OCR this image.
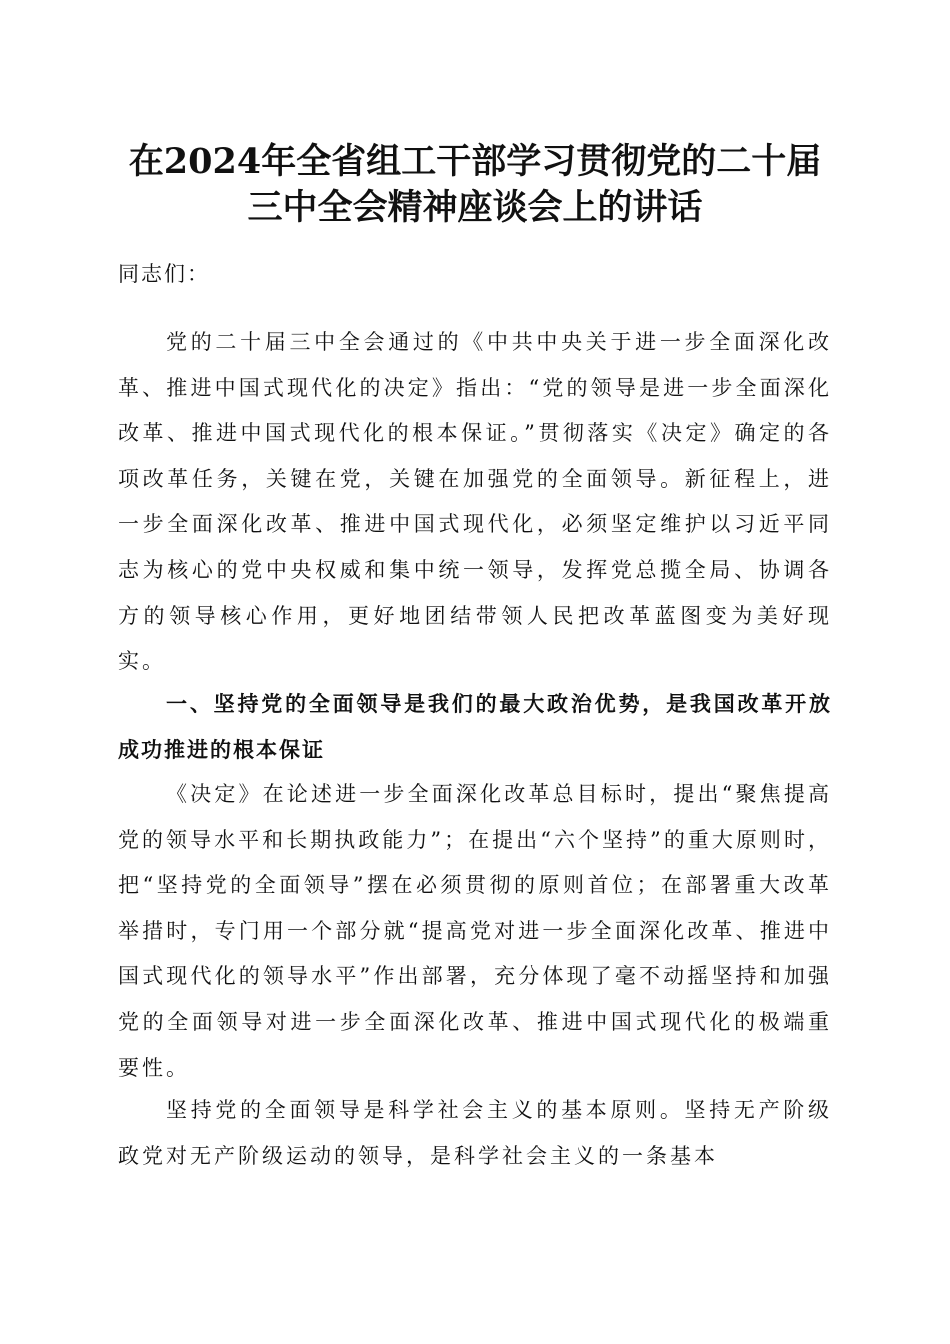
在2024年全省组工干部学习贯彻党的二十届
三中全会精神座谈会上的讲话

同志们：

党的二十届三中全会通过的《中共中央关于进一步全面深化改革、推进中国式现代化的决定》指出：“党的领导是进一步全面深化改革、推进中国式现代化的根本保证。”贯彻落实《决定》确定的各项改革任务，关键在党，关键在加强党的全面领导。新征程上，进一步全面深化改革、推进中国式现代化，必须坚定维护以习近平同志为核心的党中央权威和集中统一领导，发挥党总揽全局、协调各方的领导核心作用，更好地团结带领人民把改革蓝图变为美好现实。

一、坚持党的全面领导是我们的最大政治优势，是我国改革开放成功推进的根本保证

《决定》在论述进一步全面深化改革总目标时，提出“聚焦提高党的领导水平和长期执政能力”；在提出“六个坚持”的重大原则时，把“坚持党的全面领导”摆在必须贯彻的原则首位；在部署重大改革举措时，专门用一个部分就“提高党对进一步全面深化改革、推进中国式现代化的领导水平”作出部署，充分体现了毫不动摇坚持和加强党的全面领导对进一步全面深化改革、推进中国式现代化的极端重要性。

坚持党的全面领导是科学社会主义的基本原则。坚持无产阶级政党对无产阶级运动的领导，是科学社会主义的一条基本
